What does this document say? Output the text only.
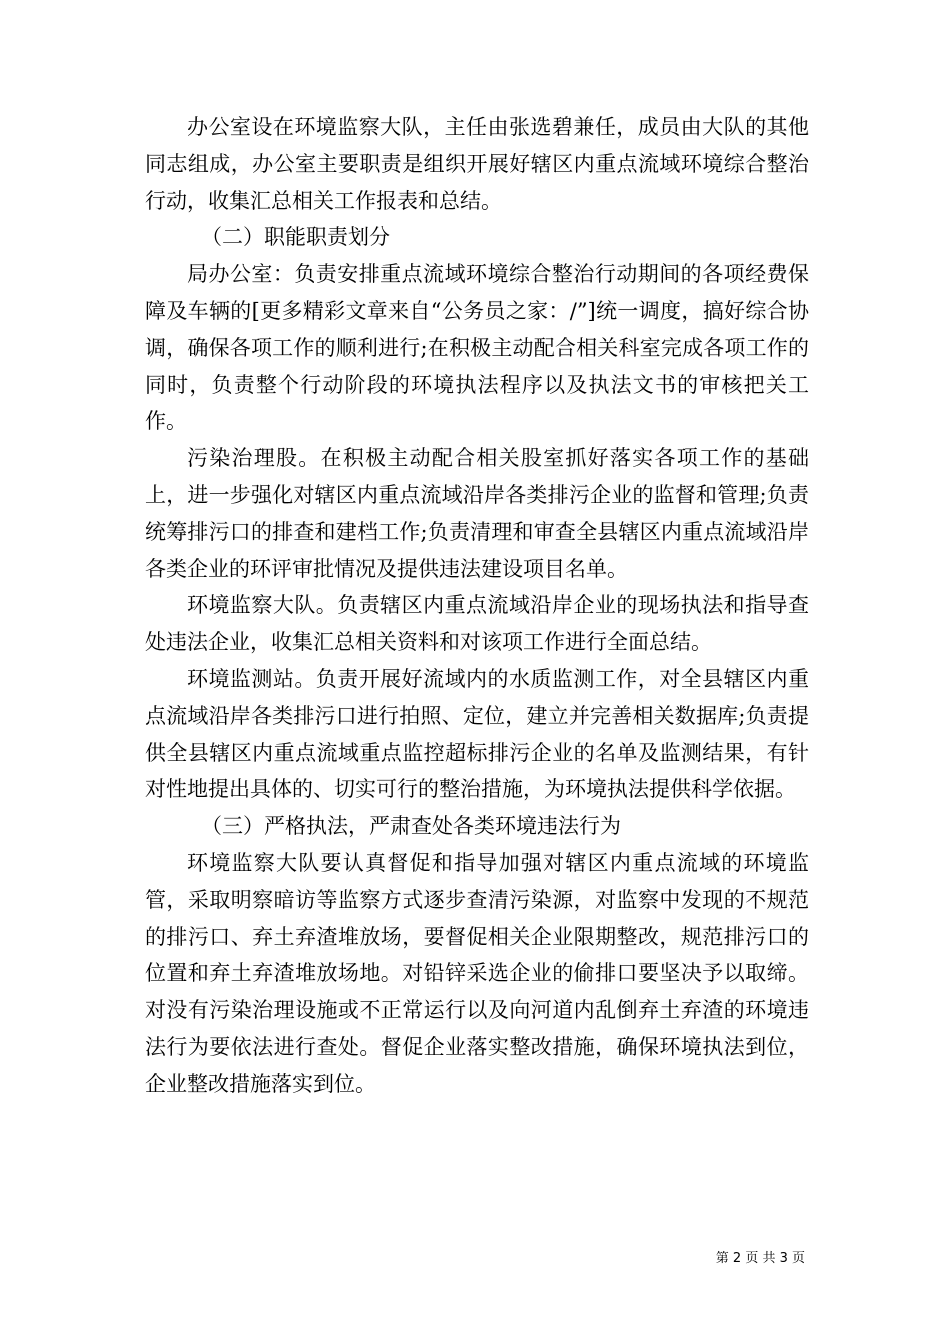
办公室设在环境监察大队，主任由张选碧兼任，成员由大队的其他同志组成，办公室主要职责是组织开展好辖区内重点流域环境综合整治行动，收集汇总相关工作报表和总结。

（二）职能职责划分

局办公室：负责安排重点流域环境综合整治行动期间的各项经费保障及车辆的[更多精彩文章来自“公务员之家：/”]统一调度，搞好综合协调，确保各项工作的顺利进行;在积极主动配合相关科室完成各项工作的同时，负责整个行动阶段的环境执法程序以及执法文书的审核把关工作。

污染治理股。在积极主动配合相关股室抓好落实各项工作的基础上，进一步强化对辖区内重点流域沿岸各类排污企业的监督和管理;负责统筹排污口的排查和建档工作;负责清理和审查全县辖区内重点流域沿岸各类企业的环评审批情况及提供违法建设项目名单。

环境监察大队。负责辖区内重点流域沿岸企业的现场执法和指导查处违法企业，收集汇总相关资料和对该项工作进行全面总结。

环境监测站。负责开展好流域内的水质监测工作，对全县辖区内重点流域沿岸各类排污口进行拍照、定位，建立并完善相关数据库;负责提供全县辖区内重点流域重点监控超标排污企业的名单及监测结果，有针对性地提出具体的、切实可行的整治措施，为环境执法提供科学依据。

（三）严格执法，严肃查处各类环境违法行为

环境监察大队要认真督促和指导加强对辖区内重点流域的环境监管，采取明察暗访等监察方式逐步查清污染源，对监察中发现的不规范的排污口、弃土弃渣堆放场，要督促相关企业限期整改，规范排污口的位置和弃土弃渣堆放场地。对铅锌采选企业的偷排口要坚决予以取缔。对没有污染治理设施或不正常运行以及向河道内乱倒弃土弃渣的环境违法行为要依法进行查处。督促企业落实整改措施，确保环境执法到位，企业整改措施落实到位。

第 2 页 共 3 页
